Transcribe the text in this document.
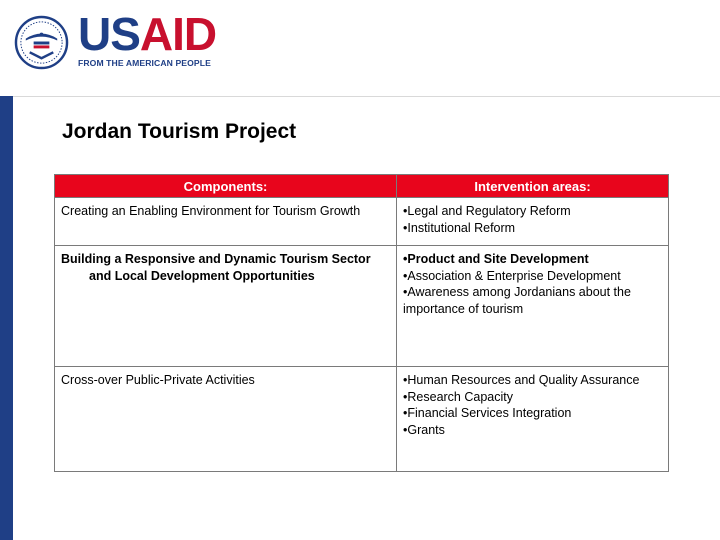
USAID
FROM THE AMERICAN PEOPLE
Jordan Tourism Project
Components:	Intervention areas:

Creating an Enabling Environment for Tourism Growth	• Legal and Regulatory Reform
• Institutional Reform

Building a Responsive and Dynamic Tourism Sector and Local Development Opportunities	• Product and Site Development
• Association & Enterprise Development
• Awareness among Jordanians about the importance of tourism

Cross-over Public-Private Activities	• Human Resources and Quality Assurance
• Research Capacity
• Financial Services Integration
• Grants
